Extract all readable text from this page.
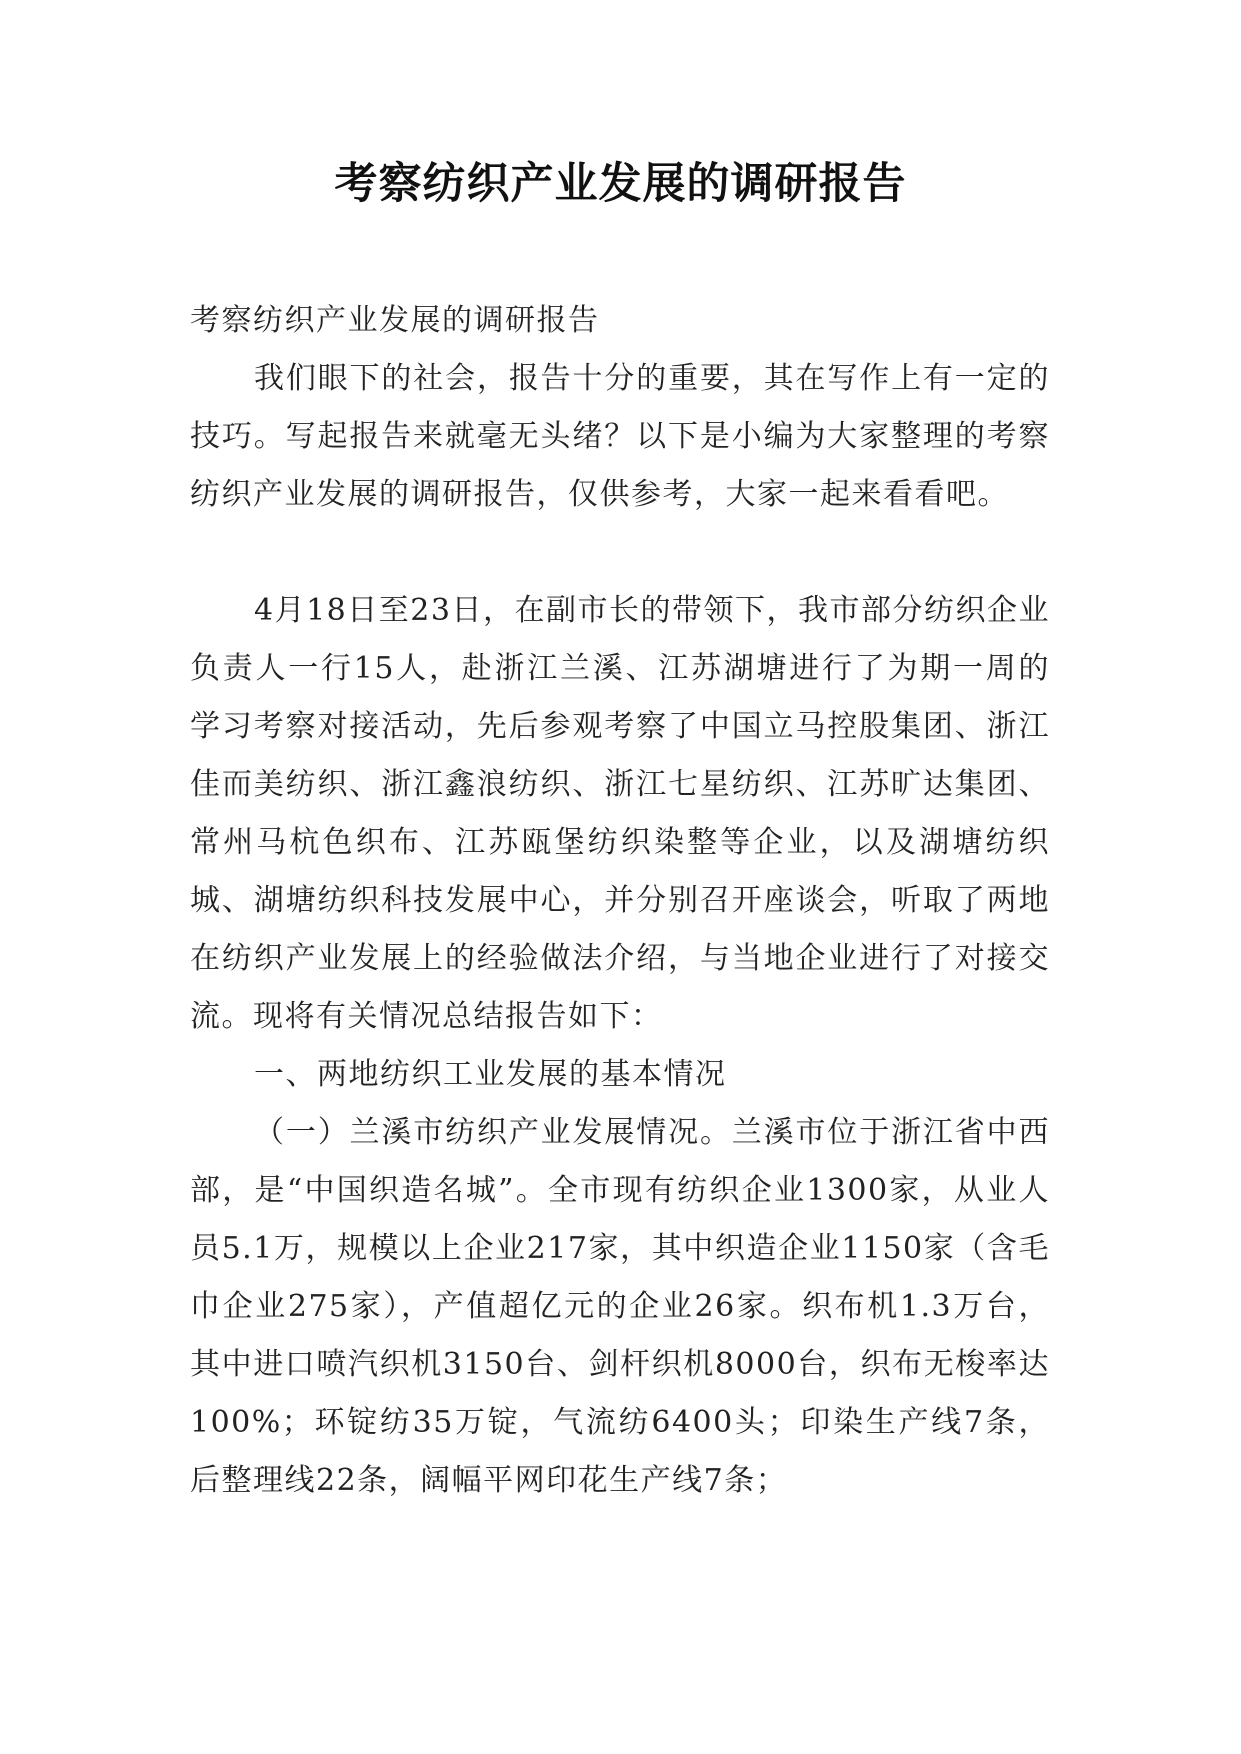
考察纺织产业发展的调研报告

考察纺织产业发展的调研报告

我们眼下的社会，报告十分的重要，其在写作上有一定的技巧。写起报告来就毫无头绪？以下是小编为大家整理的考察纺织产业发展的调研报告，仅供参考，大家一起来看看吧。

4月18日至23日，在副市长的带领下，我市部分纺织企业负责人一行15人，赴浙江兰溪、江苏湖塘进行了为期一周的学习考察对接活动，先后参观考察了中国立马控股集团、浙江佳而美纺织、浙江鑫浪纺织、浙江七星纺织、江苏旷达集团、常州马杭色织布、江苏瓯堡纺织染整等企业，以及湖塘纺织城、湖塘纺织科技发展中心，并分别召开座谈会，听取了两地在纺织产业发展上的经验做法介绍，与当地企业进行了对接交流。现将有关情况总结报告如下：

一、两地纺织工业发展的基本情况

（一）兰溪市纺织产业发展情况。兰溪市位于浙江省中西部，是“中国织造名城”。全市现有纺织企业1300家，从业人员5.1万，规模以上企业217家，其中织造企业1150家（含毛巾企业275家），产值超亿元的企业26家。织布机1.3万台，其中进口喷汽织机3150台、剑杆织机8000台，织布无梭率达100%；环锭纺35万锭，气流纺6400头；印染生产线7条，后整理线22条，阔幅平网印花生产线7条；
